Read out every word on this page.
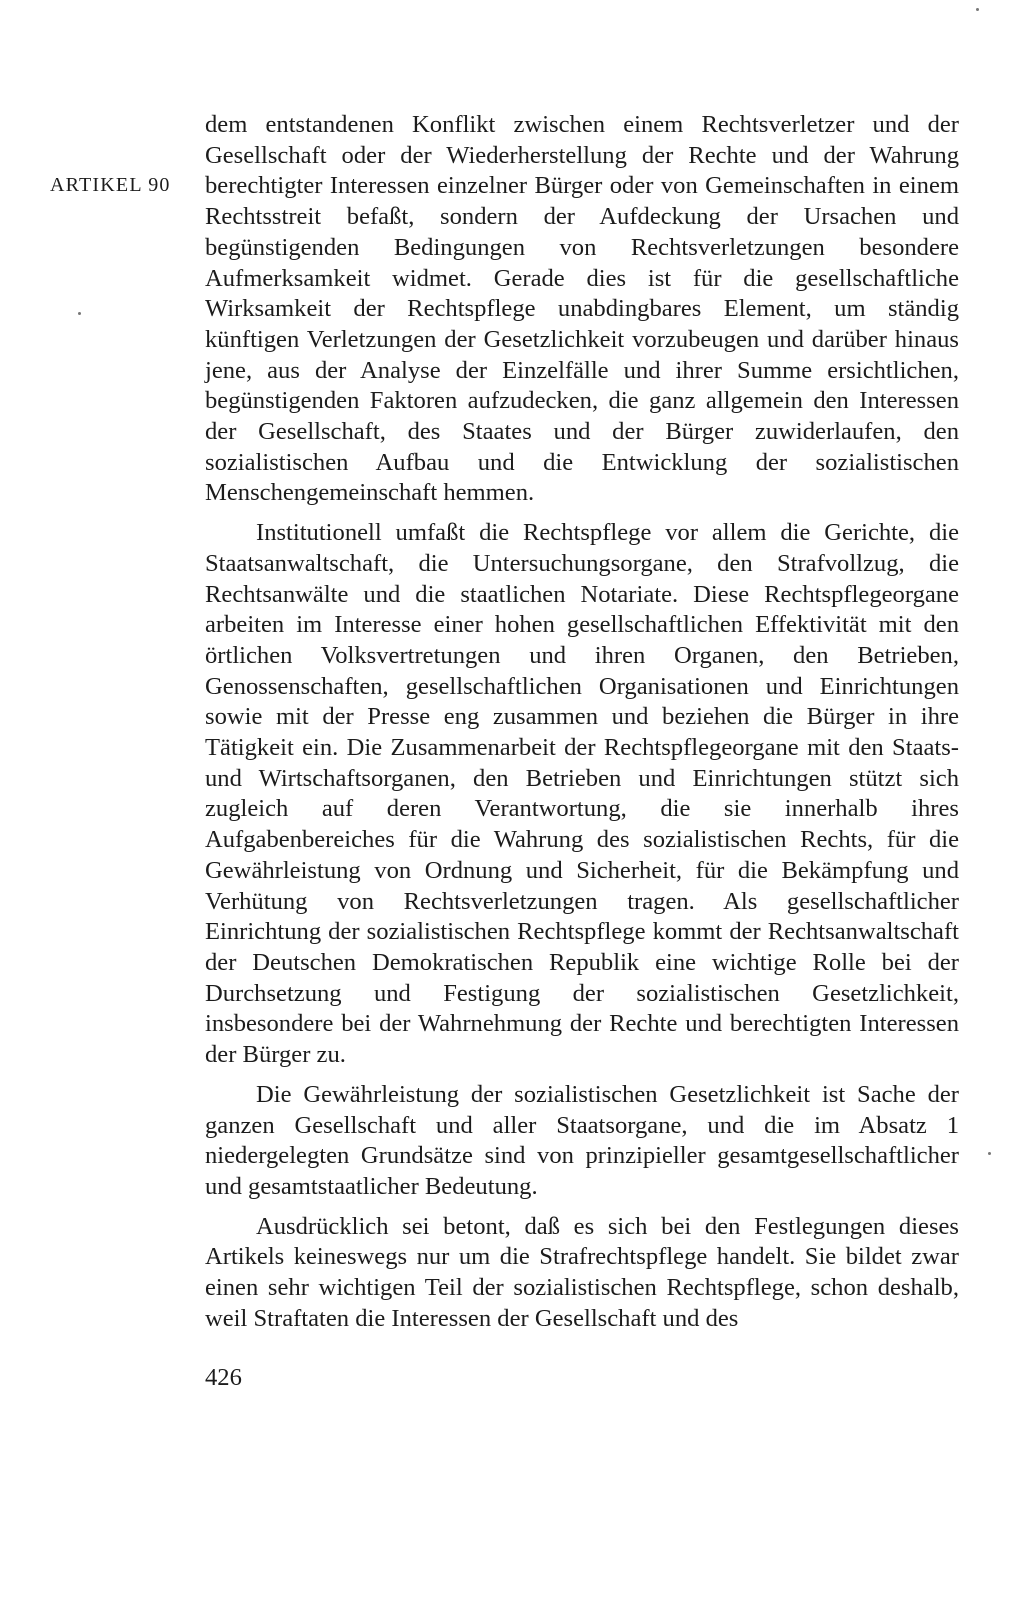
ARTIKEL 90

dem entstandenen Konflikt zwischen einem Rechtsverletzer und der Gesellschaft oder der Wiederherstellung der Rechte und der Wahrung berechtigter Interessen einzelner Bürger oder von Gemeinschaften in einem Rechtsstreit befaßt, sondern der Aufdeckung der Ursachen und begünstigenden Bedingungen von Rechtsverletzungen besondere Aufmerksamkeit widmet. Gerade dies ist für die gesellschaftliche Wirksamkeit der Rechtspflege unabdingbares Element, um ständig künftigen Verletzungen der Gesetzlichkeit vorzubeugen und darüber hinaus jene, aus der Analyse der Einzelfälle und ihrer Summe ersichtlichen, begünstigenden Faktoren aufzudecken, die ganz allgemein den Interessen der Gesellschaft, des Staates und der Bürger zuwiderlaufen, den sozialistischen Aufbau und die Entwicklung der sozialistischen Menschengemeinschaft hemmen.

Institutionell umfaßt die Rechtspflege vor allem die Gerichte, die Staatsanwaltschaft, die Untersuchungsorgane, den Strafvollzug, die Rechtsanwälte und die staatlichen Notariate. Diese Rechtspflegeorgane arbeiten im Interesse einer hohen gesellschaftlichen Effektivität mit den örtlichen Volksvertretungen und ihren Organen, den Betrieben, Genossenschaften, gesellschaftlichen Organisationen und Einrichtungen sowie mit der Presse eng zusammen und beziehen die Bürger in ihre Tätigkeit ein. Die Zusammenarbeit der Rechtspflegeorgane mit den Staats- und Wirtschaftsorganen, den Betrieben und Einrichtungen stützt sich zugleich auf deren Verantwortung, die sie innerhalb ihres Aufgabenbereiches für die Wahrung des sozialistischen Rechts, für die Gewährleistung von Ordnung und Sicherheit, für die Bekämpfung und Verhütung von Rechtsverletzungen tragen. Als gesellschaftlicher Einrichtung der sozialistischen Rechtspflege kommt der Rechtsanwaltschaft der Deutschen Demokratischen Republik eine wichtige Rolle bei der Durchsetzung und Festigung der sozialistischen Gesetzlichkeit, insbesondere bei der Wahrnehmung der Rechte und berechtigten Interessen der Bürger zu.

Die Gewährleistung der sozialistischen Gesetzlichkeit ist Sache der ganzen Gesellschaft und aller Staatsorgane, und die im Absatz 1 niedergelegten Grundsätze sind von prinzipieller gesamtgesellschaftlicher und gesamtstaatlicher Bedeutung.

Ausdrücklich sei betont, daß es sich bei den Festlegungen dieses Artikels keineswegs nur um die Strafrechtspflege handelt. Sie bildet zwar einen sehr wichtigen Teil der sozialistischen Rechtspflege, schon deshalb, weil Straftaten die Interessen der Gesellschaft und des

426
